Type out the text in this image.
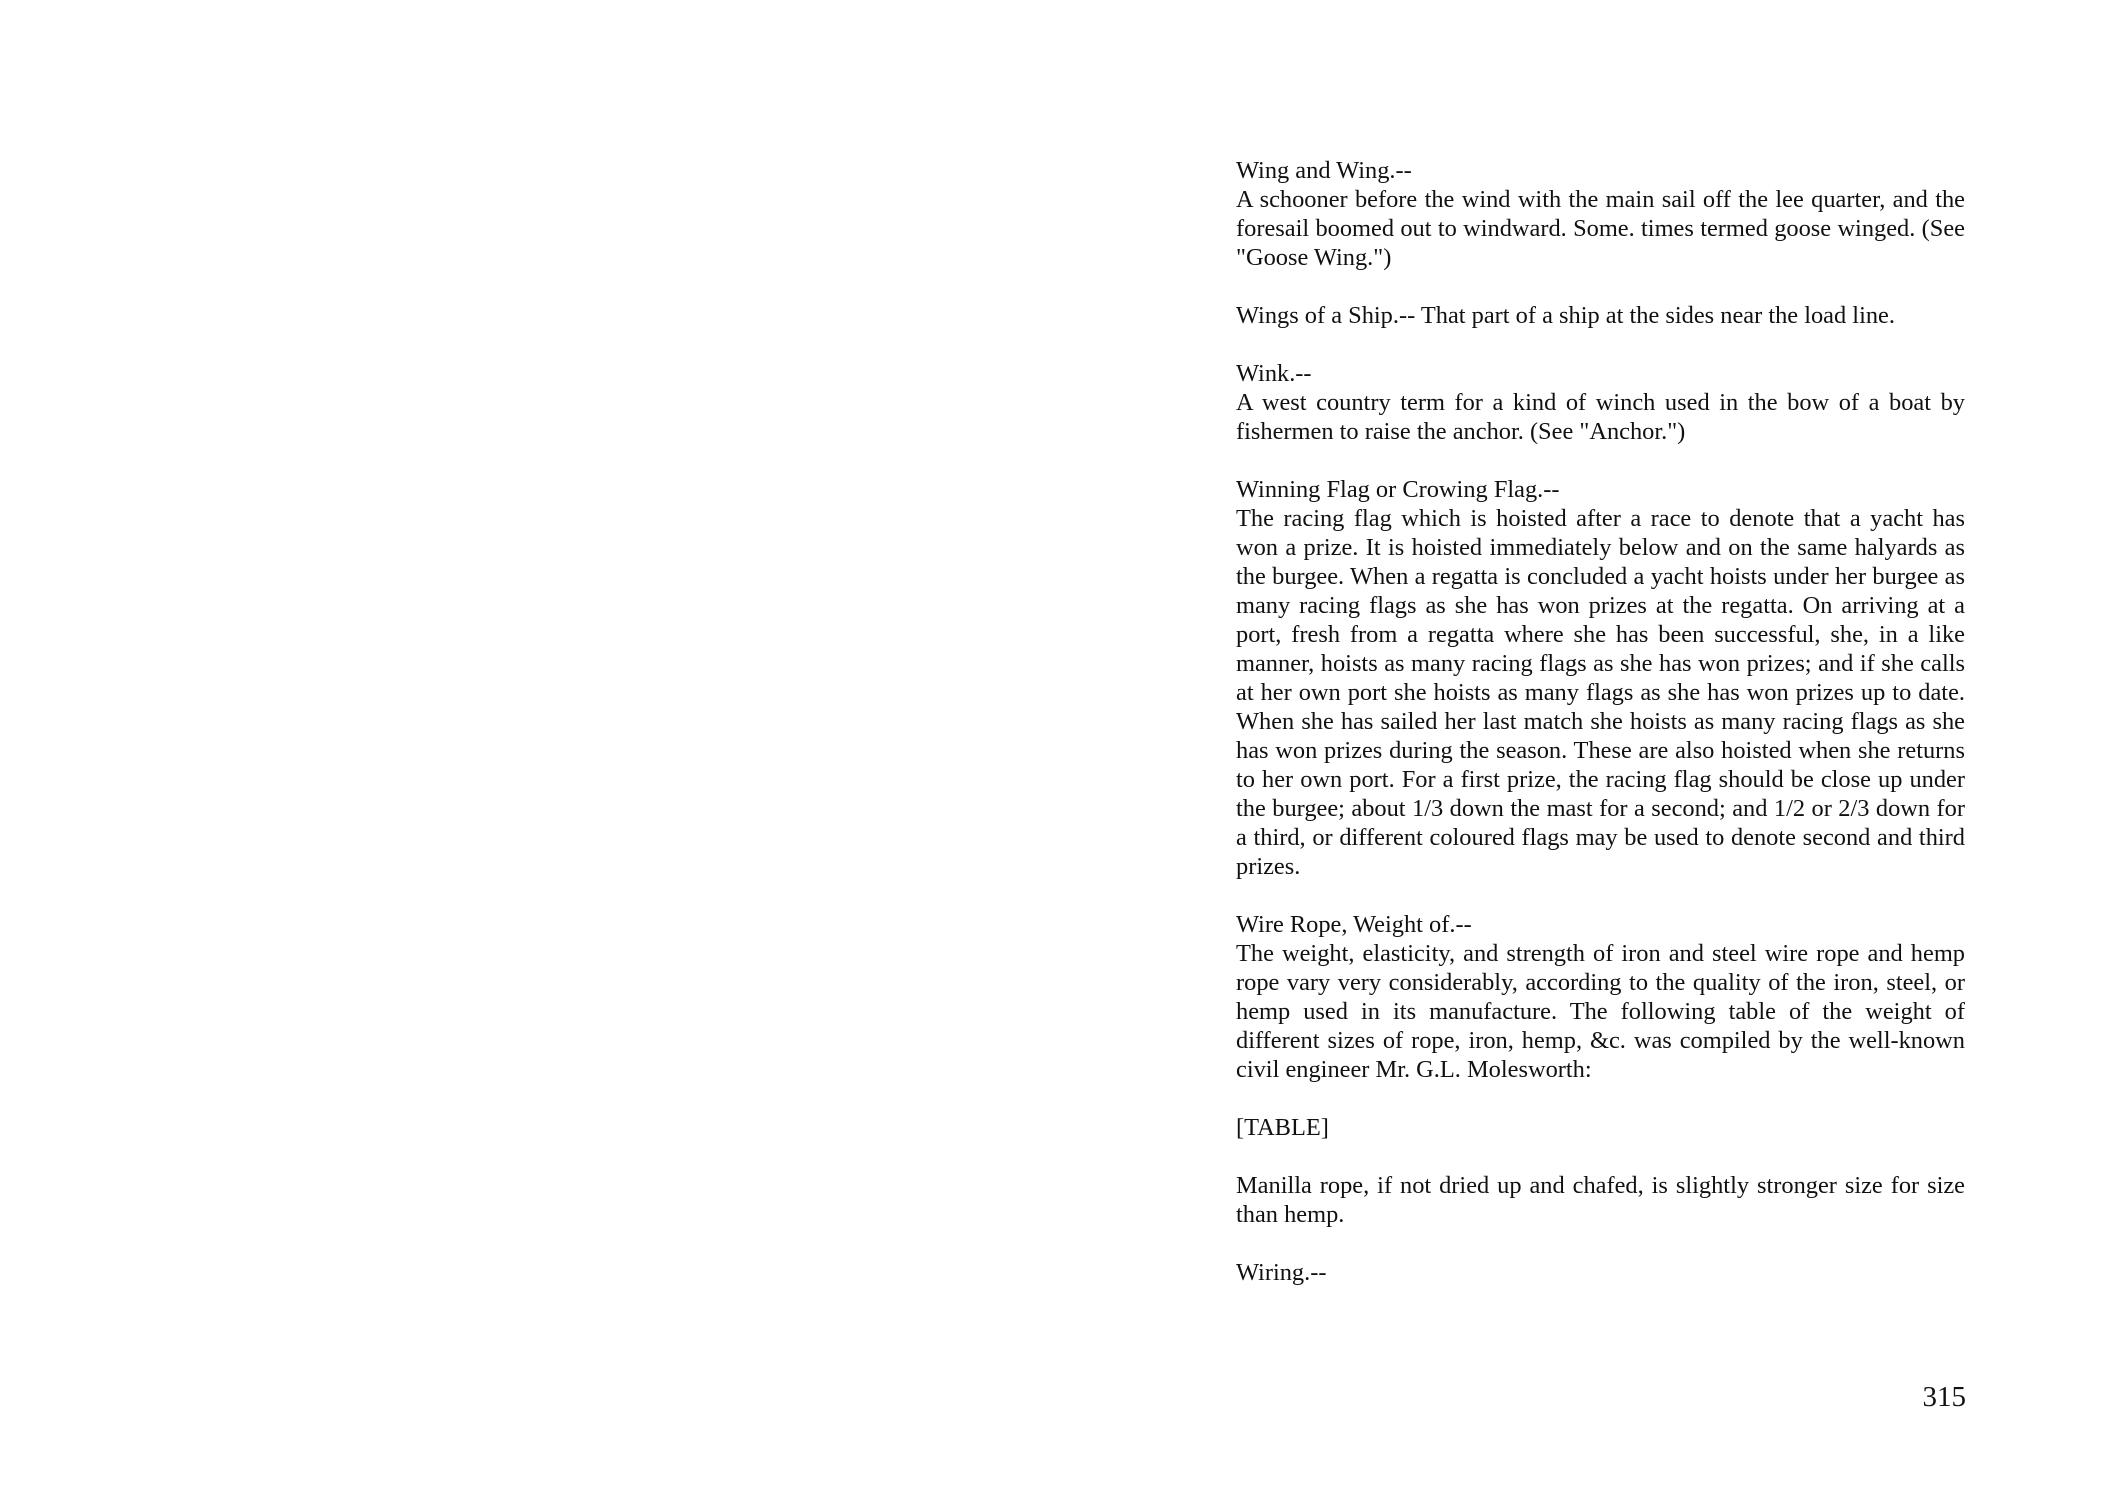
Wing and Wing.--
A schooner before the wind with the main sail off the lee quarter, and the foresail boomed out to windward. Some. times termed goose winged. (See "Goose Wing.")
Wings of a Ship.-- That part of a ship at the sides near the load line.
Wink.--
A west country term for a kind of winch used in the bow of a boat by fishermen to raise the anchor. (See "Anchor.")
Winning Flag or Crowing Flag.--
The racing flag which is hoisted after a race to denote that a yacht has won a prize. It is hoisted immediately below and on the same halyards as the burgee. When a regatta is concluded a yacht hoists under her burgee as many racing flags as she has won prizes at the regatta. On arriving at a port, fresh from a regatta where she has been successful, she, in a like manner, hoists as many racing flags as she has won prizes; and if she calls at her own port she hoists as many flags as she has won prizes up to date. When she has sailed her last match she hoists as many racing flags as she has won prizes during the season. These are also hoisted when she returns to her own port. For a first prize, the racing flag should be close up under the burgee; about 1/3 down the mast for a second; and 1/2 or 2/3 down for a third, or different coloured flags may be used to denote second and third prizes.
Wire Rope, Weight of.--
The weight, elasticity, and strength of iron and steel wire rope and hemp rope vary very considerably, according to the quality of the iron, steel, or hemp used in its manufacture. The following table of the weight of different sizes of rope, iron, hemp, &c. was compiled by the well-known civil engineer Mr. G.L. Molesworth:
[TABLE]
Manilla rope, if not dried up and chafed, is slightly stronger size for size than hemp.
Wiring.--
315
